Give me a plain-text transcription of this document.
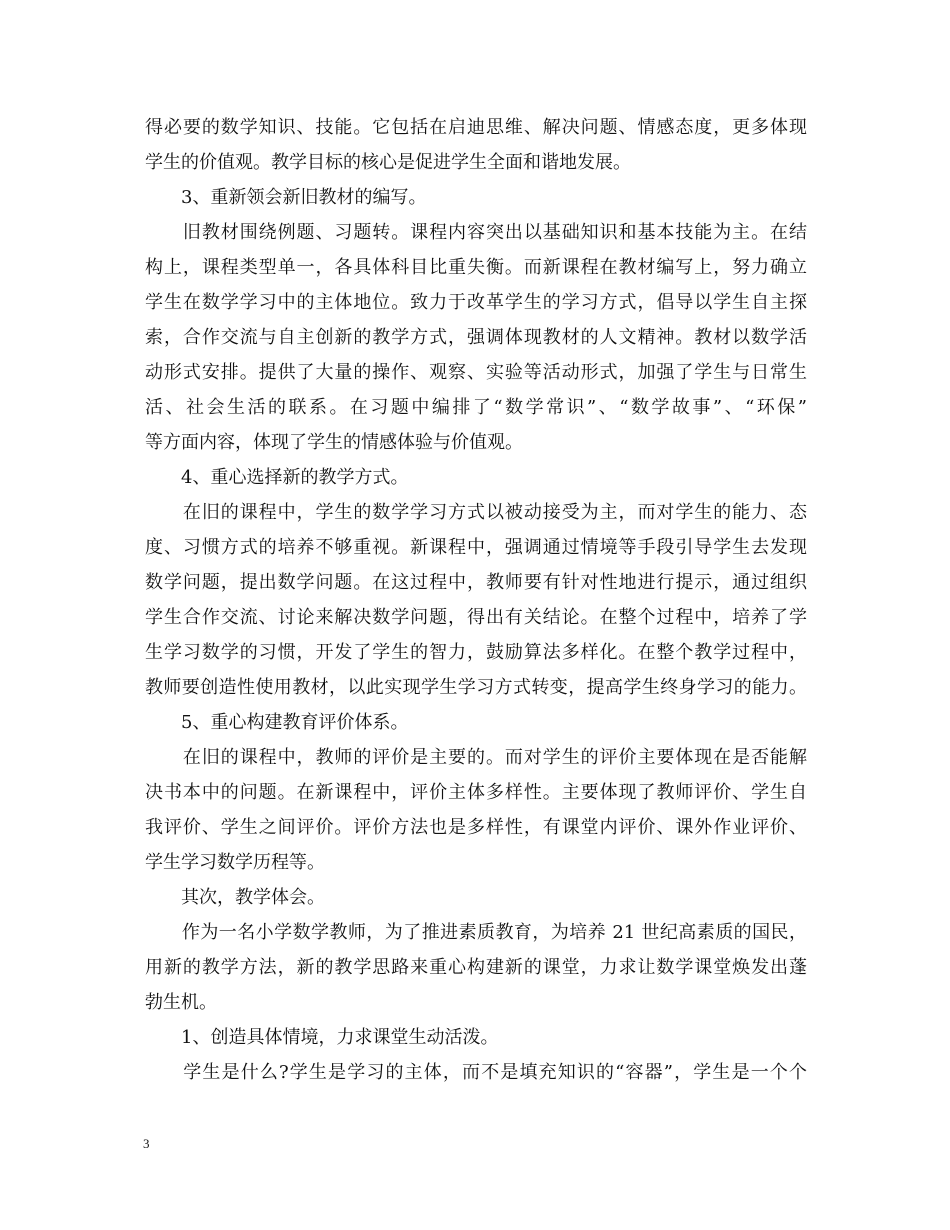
得必要的数学知识、技能。它包括在启迪思维、解决问题、情感态度，更多体现
学生的价值观。教学目标的核心是促进学生全面和谐地发展。
　　3、重新领会新旧教材的编写。
　　旧教材围绕例题、习题转。课程内容突出以基础知识和基本技能为主。在结
构上，课程类型单一，各具体科目比重失衡。而新课程在教材编写上，努力确立
学生在数学学习中的主体地位。致力于改革学生的学习方式，倡导以学生自主探
索，合作交流与自主创新的教学方式，强调体现教材的人文精神。教材以数学活
动形式安排。提供了大量的操作、观察、实验等活动形式，加强了学生与日常生
活、社会生活的联系。在习题中编排了“数学常识”、“数学故事”、“环保”
等方面内容，体现了学生的情感体验与价值观。
　　4、重心选择新的教学方式。
　　在旧的课程中，学生的数学学习方式以被动接受为主，而对学生的能力、态
度、习惯方式的培养不够重视。新课程中，强调通过情境等手段引导学生去发现
数学问题，提出数学问题。在这过程中，教师要有针对性地进行提示，通过组织
学生合作交流、讨论来解决数学问题，得出有关结论。在整个过程中，培养了学
生学习数学的习惯，开发了学生的智力，鼓励算法多样化。在整个教学过程中，
教师要创造性使用教材，以此实现学生学习方式转变，提高学生终身学习的能力。
　　5、重心构建教育评价体系。
　　在旧的课程中，教师的评价是主要的。而对学生的评价主要体现在是否能解
决书本中的问题。在新课程中，评价主体多样性。主要体现了教师评价、学生自
我评价、学生之间评价。评价方法也是多样性，有课堂内评价、课外作业评价、
学生学习数学历程等。
　　其次，教学体会。
　　作为一名小学数学教师，为了推进素质教育，为培养 21 世纪高素质的国民，
用新的教学方法，新的教学思路来重心构建新的课堂，力求让数学课堂焕发出蓬
勃生机。
　　1、创造具体情境，力求课堂生动活泼。
　　学生是什么?学生是学习的主体，而不是填充知识的“容器”，学生是一个个
3
